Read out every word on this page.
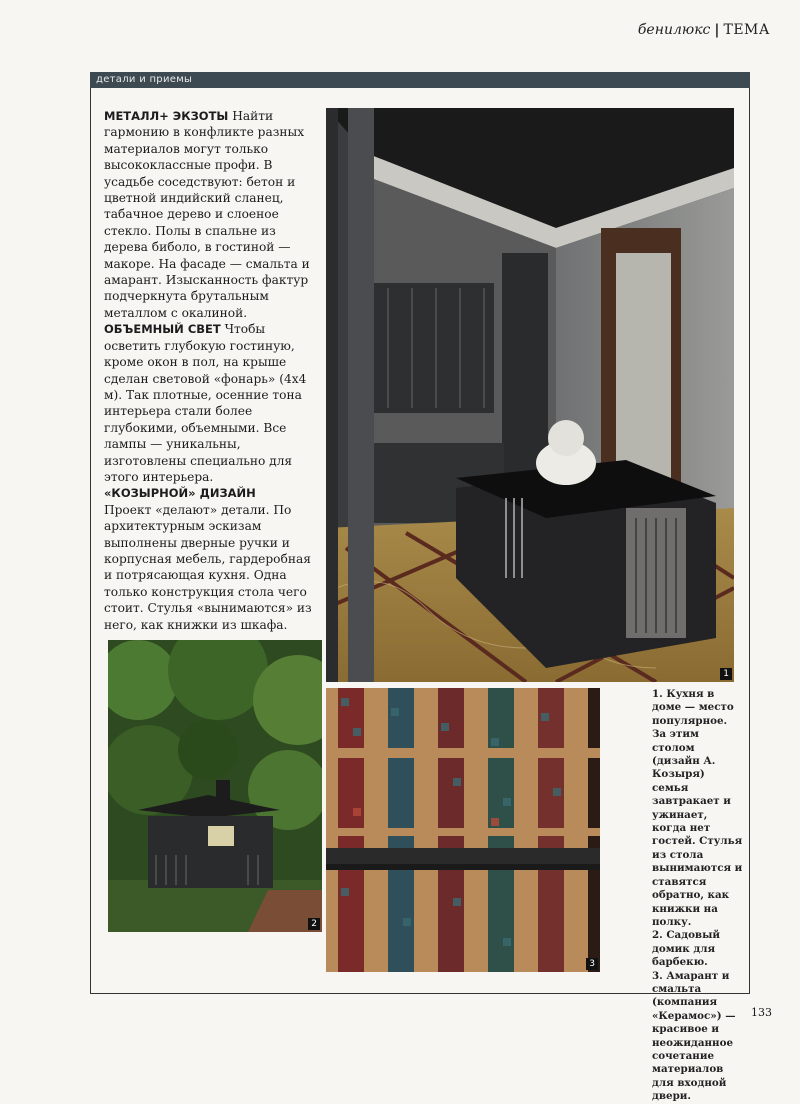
бенилюкс | ТЕМА
детали и приемы

МЕТАЛЛ+ ЭКЗОТЫ Найти гармонию в конфликте разных материалов могут только высококлассные профи. В усадьбе соседствуют: бетон и цветной индийский сланец, табачное дерево и слоеное стекло. Полы в спальне из дерева биболо, в гостиной — макоре. На фасаде — смальта и амарант. Изысканность фактур подчеркнута брутальным металлом с окалиной.

ОБЪЕМНЫЙ СВЕТ Чтобы осветить глубокую гостиную, кроме окон в пол, на крыше сделан световой «фонарь» (4x4 м). Так плотные, осенние тона интерьера стали более глубокими, объемными. Все лампы — уникальны, изготовлены специально для этого интерьера.

«КОЗЫРНОЙ» ДИЗАЙН
Проект «делают» детали. По архитектурным эскизам выполнены дверные ручки и корпусная мебель, гардеробная и потрясающая кухня. Одна только конструкция стола чего стоит. Стулья «вынимаются» из него, как книжки из шкафа.

1
2
3

1. Кухня в доме — место популярное. За этим столом (дизайн А. Козыря) семья завтракает и ужинает, когда нет гостей. Стулья из стола вынимаются и ставятся обратно, как книжки на полку.

2. Садовый домик для барбекю.

3. Амарант и смальта (компания «Керамос») — красивое и неожиданное сочетание материалов для входной двери.

133
